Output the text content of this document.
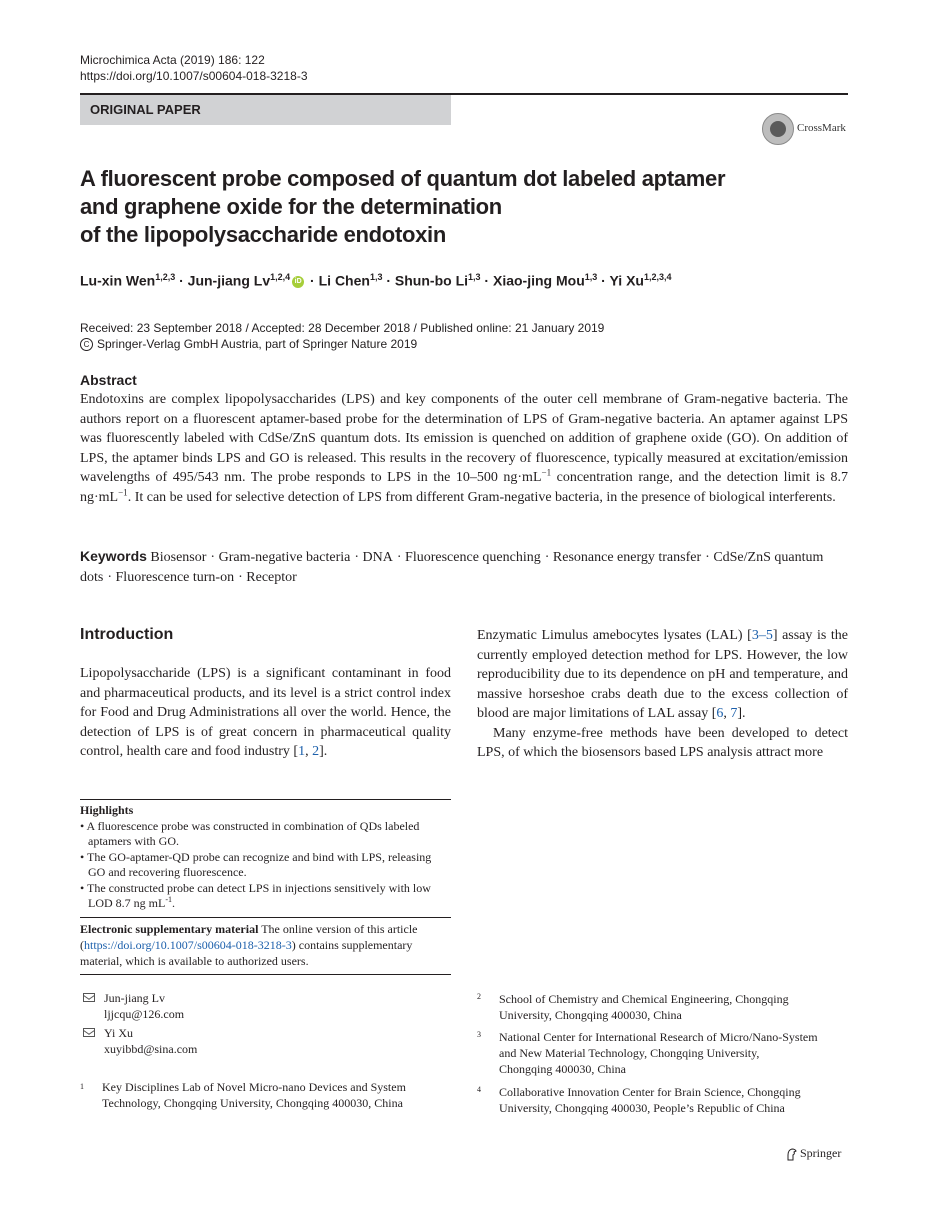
Microchimica Acta (2019) 186: 122
https://doi.org/10.1007/s00604-018-3218-3
ORIGINAL PAPER
CrossMark
A fluorescent probe composed of quantum dot labeled aptamer
and graphene oxide for the determination
of the lipopolysaccharide endotoxin
Lu-xin Wen$^{1,2,3}$ · Jun-jiang Lv$^{1,2,4}$ iD · Li Chen$^{1,3}$ · Shun-bo Li$^{1,3}$ · Xiao-jing Mou$^{1,3}$ · Yi Xu$^{1,2,3,4}$
Received: 23 September 2018 / Accepted: 28 December 2018 / Published online: 21 January 2019
C Springer-Verlag GmbH Austria, part of Springer Nature 2019
Abstract
Endotoxins are complex lipopolysaccharides (LPS) and key components of the outer cell membrane of Gram-negative bacteria. The authors report on a fluorescent aptamer-based probe for the determination of LPS of Gram-negative bacteria. An aptamer against LPS was fluorescently labeled with CdSe/ZnS quantum dots. Its emission is quenched on addition of graphene oxide (GO). On addition of LPS, the aptamer binds LPS and GO is released. This results in the recovery of fluorescence, typically measured at excitation/emission wavelengths of 495/543 nm. The probe responds to LPS in the 10–500 $ng\cdot mL^{-1}$ concentration range, and the detection limit is 8.7 $ng\cdot mL^{-1}$. It can be used for selective detection of LPS from different Gram-negative bacteria, in the presence of biological interferents.
Keywords Biosensor · Gram-negative bacteria · DNA · Fluorescence quenching · Resonance energy transfer · CdSe/ZnS quantum dots · Fluorescence turn-on · Receptor
Introduction

Lipopolysaccharide (LPS) is a significant contaminant in food and pharmaceutical products, and its level is a strict control index for Food and Drug Administrations all over the world. Hence, the detection of LPS is of great concern in pharmaceutical quality control, health care and food industry [1, 2].

Enzymatic Limulus amebocytes lysates (LAL) [3–5] assay is the currently employed detection method for LPS. However, the low reproducibility due to its dependence on pH and temperature, and massive horseshoe crabs death due to the excess collection of blood are major limitations of LAL assay [6, 7].

Many enzyme-free methods have been developed to detect LPS, of which the biosensors based LPS analysis attract more

Highlights
• A fluorescence probe was constructed in combination of QDs labeled aptamers with GO.
• The GO-aptamer-QD probe can recognize and bind with LPS, releasing GO and recovering fluorescence.
• The constructed probe can detect LPS in injections sensitively with low LOD 8.7 ng $mL^{-1}$.
Electronic supplementary material The online version of this article (https://doi.org/10.1007/s00604-018-3218-3) contains supplementary material, which is available to authorized users.
Jun-jiang Lv
ljjcqu@126.com
Yi Xu
xuyibbd@sina.com
1 Key Disciplines Lab of Novel Micro-nano Devices and System
Technology, Chongqing University, Chongqing 400030, China
2 School of Chemistry and Chemical Engineering, Chongqing
University, Chongqing 400030, China
3 National Center for International Research of Micro/Nano-System
and New Material Technology, Chongqing University,
Chongqing 400030, China
4 Collaborative Innovation Center for Brain Science, Chongqing
University, Chongqing 400030, People’s Republic of China
Springer
